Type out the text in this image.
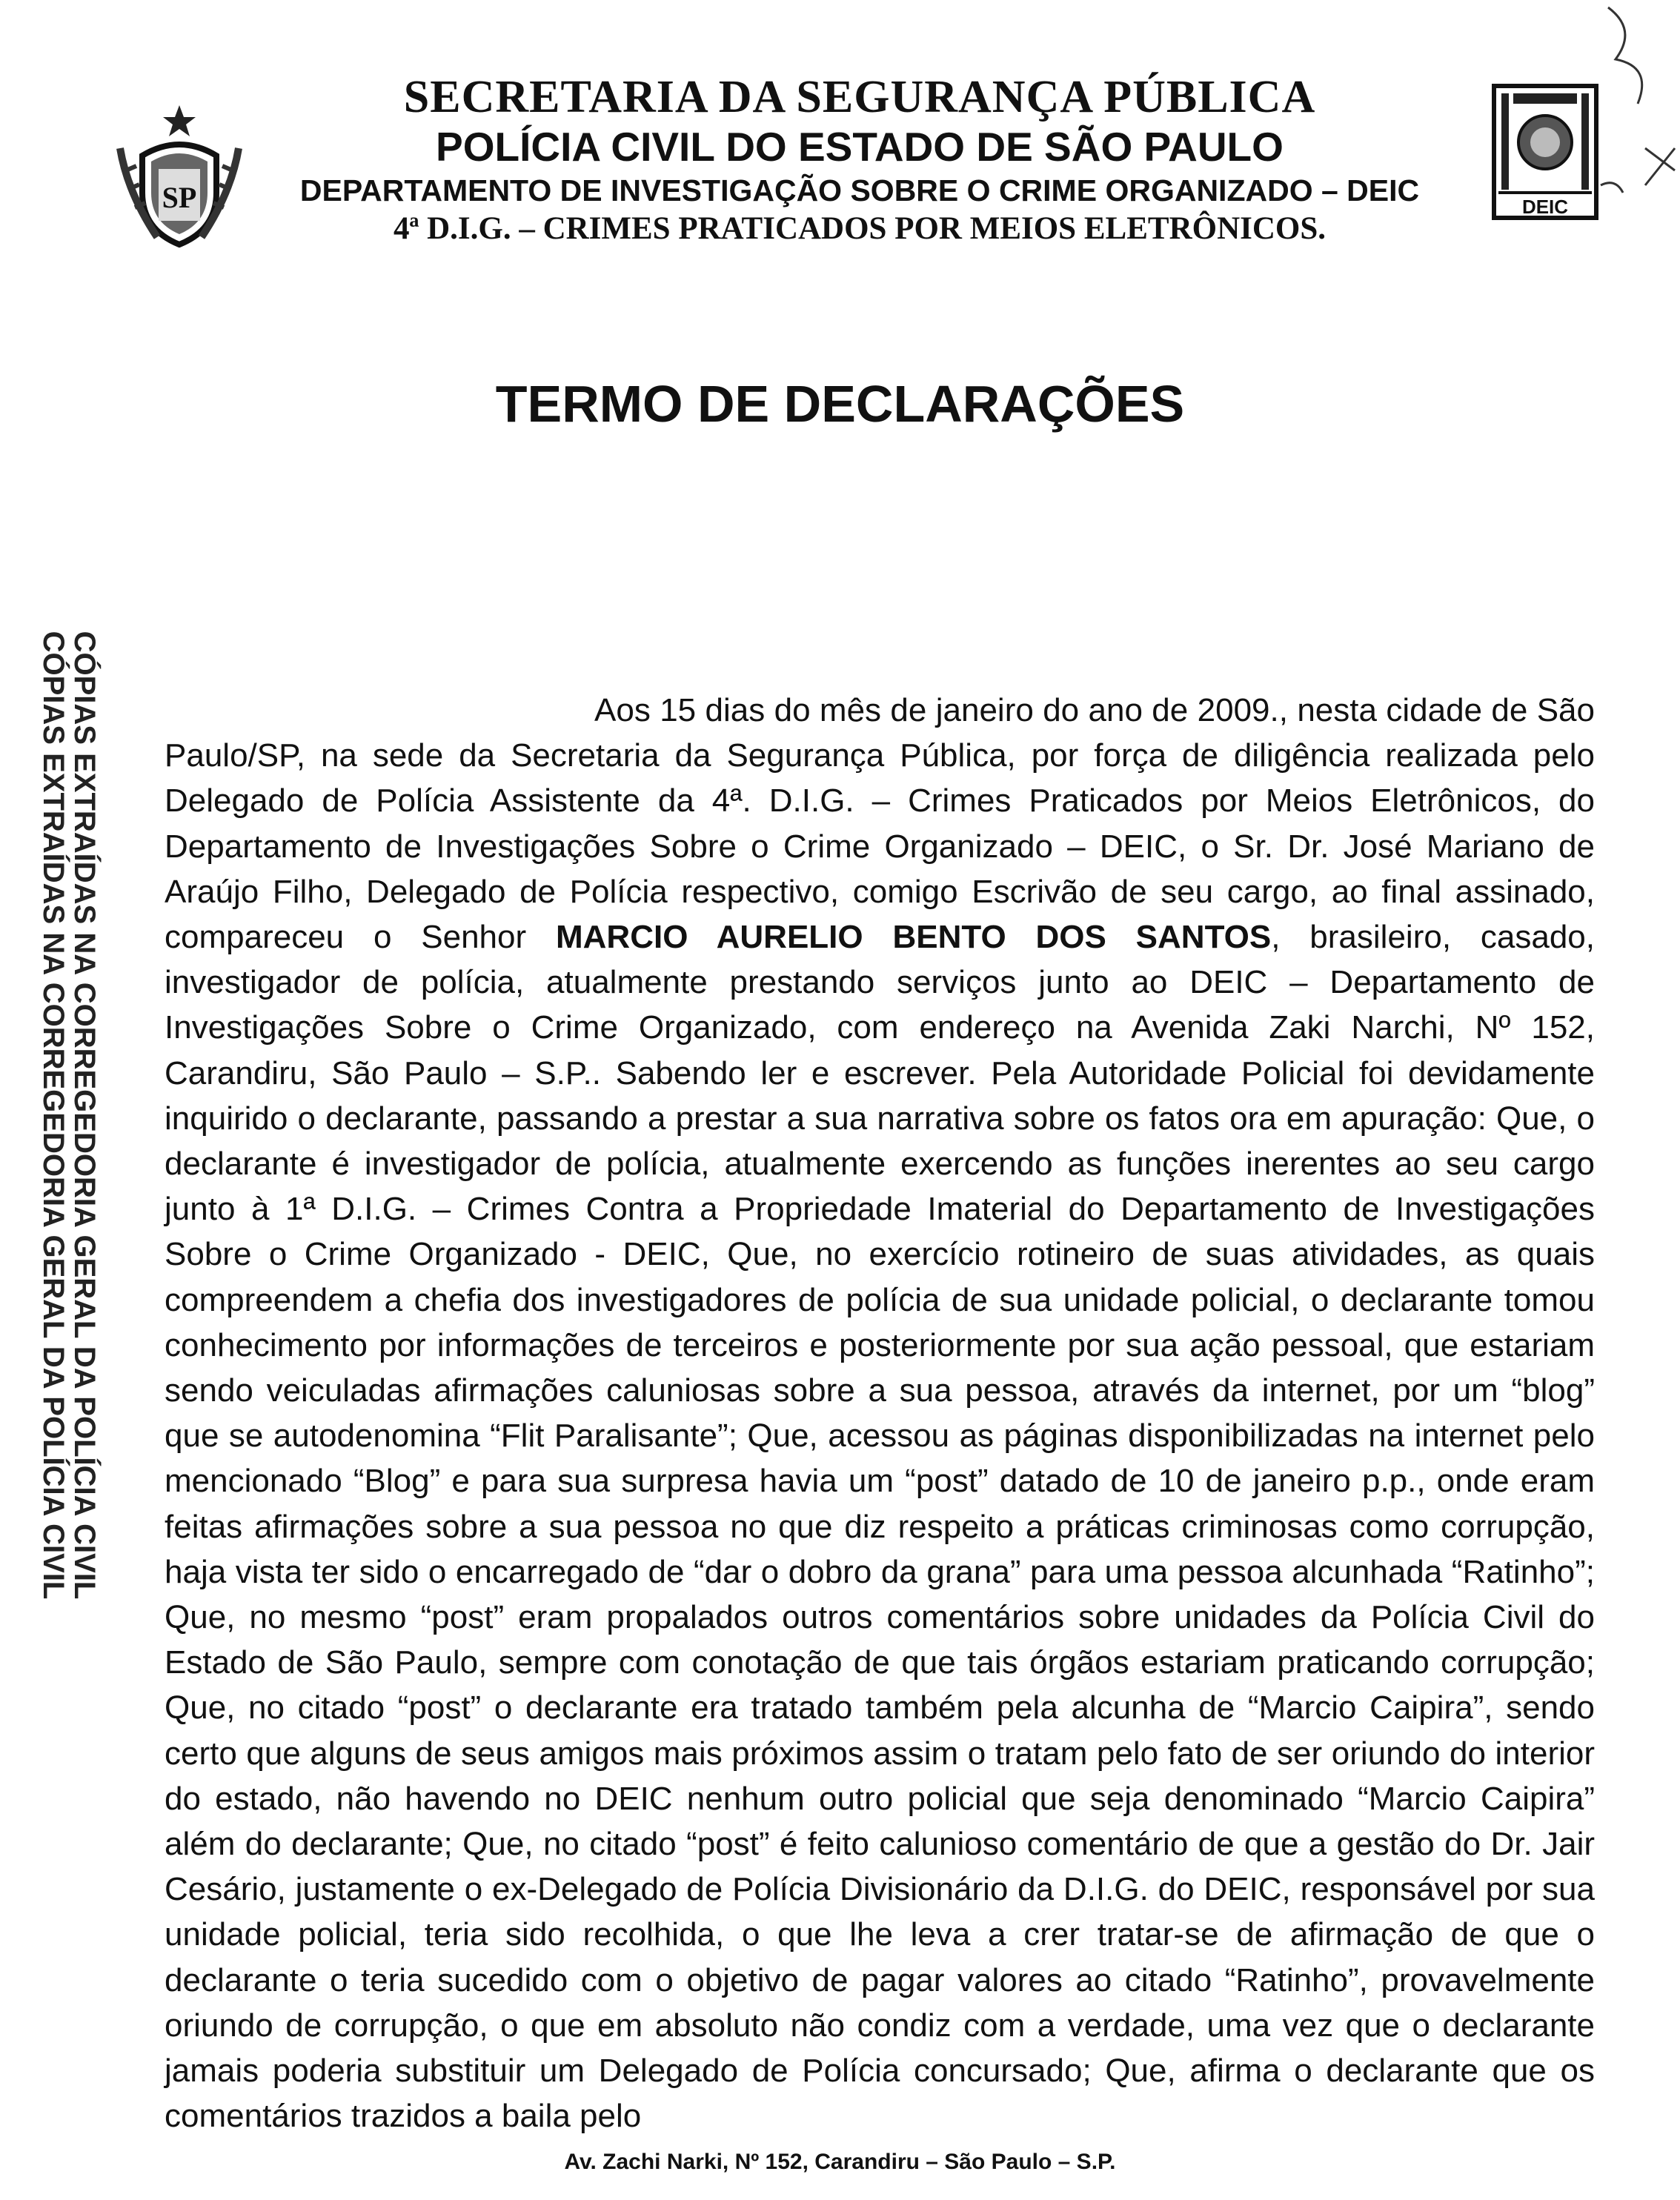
SP	DEIC
SECRETARIA DA SEGURANÇA PÚBLICA
POLÍCIA CIVIL DO ESTADO DE SÃO PAULO
DEPARTAMENTO DE INVESTIGAÇÃO SOBRE O CRIME ORGANIZADO – DEIC
4ª D.I.G. – CRIMES PRATICADOS POR MEIOS ELETRÔNICOS.
TERMO DE DECLARAÇÕES
CÓPIAS EXTRAÍDAS NA CORREGEDORIA GERAL DA POLÍCIA CIVIL
CÓPIAS EXTRAÍDAS NA CORREGEDORIA GERAL DA POLÍCIA CIVIL	Aos 15 dias do mês de janeiro do ano de 2009., nesta cidade de São Paulo/SP, na sede da Secretaria da Segurança Pública, por força de diligência realizada pelo Delegado de Polícia Assistente da 4ª. D.I.G. – Crimes Praticados por Meios Eletrônicos, do Departamento de Investigações Sobre o Crime Organizado – DEIC, o Sr. Dr. José Mariano de Araújo Filho, Delegado de Polícia respectivo, comigo Escrivão de seu cargo, ao final assinado, compareceu o Senhor MARCIO AURELIO BENTO DOS SANTOS, brasileiro, casado, investigador de polícia, atualmente prestando serviços junto ao DEIC – Departamento de Investigações Sobre o Crime Organizado, com endereço na Avenida Zaki Narchi, Nº 152, Carandiru, São Paulo – S.P.. Sabendo ler e escrever. Pela Autoridade Policial foi devidamente inquirido o declarante, passando a prestar a sua narrativa sobre os fatos ora em apuração: Que, o declarante é investigador de polícia, atualmente exercendo as funções inerentes ao seu cargo junto à 1ª D.I.G. – Crimes Contra a Propriedade Imaterial do Departamento de Investigações Sobre o Crime Organizado - DEIC, Que, no exercício rotineiro de suas atividades, as quais compreendem a chefia dos investigadores de polícia de sua unidade policial, o declarante tomou conhecimento por informações de terceiros e posteriormente por sua ação pessoal, que estariam sendo veiculadas afirmações caluniosas sobre a sua pessoa, através da internet, por um “blog” que se autodenomina “Flit Paralisante”; Que, acessou as páginas disponibilizadas na internet pelo mencionado “Blog” e para sua surpresa havia um “post” datado de 10 de janeiro p.p., onde eram feitas afirmações sobre a sua pessoa no que diz respeito a práticas criminosas como corrupção, haja vista ter sido o encarregado de “dar o dobro da grana” para uma pessoa alcunhada “Ratinho”; Que, no mesmo “post” eram propalados outros comentários sobre unidades da Polícia Civil do Estado de São Paulo, sempre com conotação de que tais órgãos estariam praticando corrupção; Que, no citado “post” o declarante era tratado também pela alcunha de “Marcio Caipira”, sendo certo que alguns de seus amigos mais próximos assim o tratam pelo fato de ser oriundo do interior do estado, não havendo no DEIC nenhum outro policial que seja denominado “Marcio Caipira” além do declarante; Que, no citado “post” é feito calunioso comentário de que a gestão do Dr. Jair Cesário, justamente o ex-Delegado de Polícia Divisionário da D.I.G. do DEIC, responsável por sua unidade policial, teria sido recolhida, o que lhe leva a crer tratar-se de afirmação de que o declarante o teria sucedido com o objetivo de pagar valores ao citado “Ratinho”, provavelmente oriundo de corrupção, o que em absoluto não condiz com a verdade, uma vez que o declarante jamais poderia substituir um Delegado de Polícia concursado; Que, afirma o declarante que os comentários trazidos a baila pelo

Av. Zachi Narki, Nº 152, Carandiru – São Paulo – S.P.
